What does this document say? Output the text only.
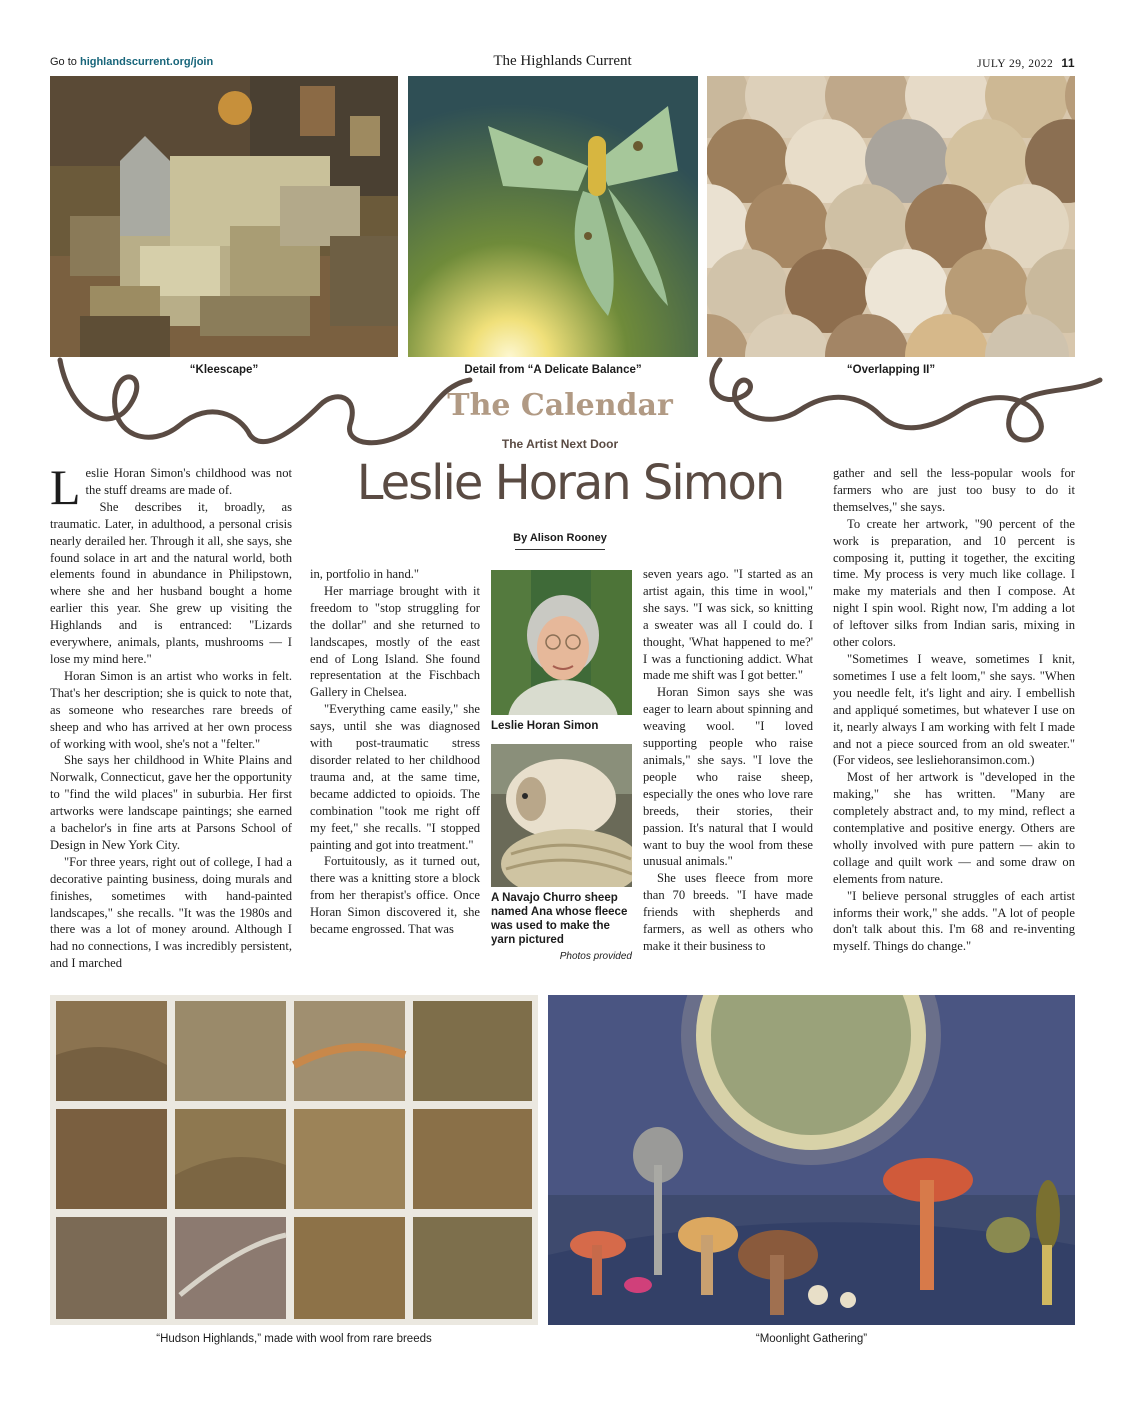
Go to highlandscurrent.org/join	The Highlands Current	JULY 29, 2022 11
“Kleescape”	Detail from “A Delicate Balance”	“Overlapping II”
The Calendar
The Artist Next Door
Leslie Horan Simon
By Alison Rooney

Leslie Horan Simon's childhood was not the stuff dreams are made of.

She describes it, broadly, as traumatic. Later, in adulthood, a personal crisis nearly derailed her. Through it all, she says, she found solace in art and the natural world, both elements found in abundance in Philipstown, where she and her husband bought a home earlier this year. She grew up visiting the Highlands and is entranced: "Lizards everywhere, animals, plants, mushrooms — I lose my mind here."

Horan Simon is an artist who works in felt. That's her description; she is quick to note that, as someone who researches rare breeds of sheep and who has arrived at her own process of working with wool, she's not a "felter."

She says her childhood in White Plains and Norwalk, Connecticut, gave her the opportunity to "find the wild places" in suburbia. Her first artworks were landscape paintings; she earned a bachelor's in fine arts at Parsons School of Design in New York City.

"For three years, right out of college, I had a decorative painting business, doing murals and finishes, sometimes with hand-painted landscapes," she recalls. "It was the 1980s and there was a lot of money around. Although I had no connections, I was incredibly persistent, and I marched

in, portfolio in hand."

Her marriage brought with it freedom to "stop struggling for the dollar" and she returned to landscapes, mostly of the east end of Long Island. She found representation at the Fischbach Gallery in Chelsea.

"Everything came easily," she says, until she was diagnosed with post-traumatic stress disorder related to her childhood trauma and, at the same time, became addicted to opioids. The combination "took me right off my feet," she recalls. "I stopped painting and got into treatment."

Fortuitously, as it turned out, there was a knitting store a block from her therapist's office. Once Horan Simon discovered it, she became engrossed. That was

Leslie Horan Simon
A Navajo Churro sheep named Ana whose fleece was used to make the yarn pictured
Photos provided

seven years ago. "I started as an artist again, this time in wool," she says. "I was sick, so knitting a sweater was all I could do. I thought, 'What happened to me?' I was a functioning addict. What made me shift was I got better."

Horan Simon says she was eager to learn about spinning and weaving wool. "I loved supporting people who raise animals," she says. "I love the people who raise sheep, especially the ones who love rare breeds, their stories, their passion. It's natural that I would want to buy the wool from these unusual animals."

She uses fleece from more than 70 breeds. "I have made friends with shepherds and farmers, as well as others who make it their business to

gather and sell the less-popular wools for farmers who are just too busy to do it themselves," she says.

To create her artwork, "90 percent of the work is preparation, and 10 percent is composing it, putting it together, the exciting time. My process is very much like collage. I make my materials and then I compose. At night I spin wool. Right now, I'm adding a lot of leftover silks from Indian saris, mixing in other colors.

"Sometimes I weave, sometimes I knit, sometimes I use a felt loom," she says. "When you needle felt, it's light and airy. I embellish and appliqué sometimes, but whatever I use on it, nearly always I am working with felt I made and not a piece sourced from an old sweater." (For videos, see lesliehoransimon.com.)

Most of her artwork is "developed in the making," she has written. "Many are completely abstract and, to my mind, reflect a contemplative and positive energy. Others are wholly involved with pure pattern — akin to collage and quilt work — and some draw on elements from nature.

"I believe personal struggles of each artist informs their work," she adds. "A lot of people don't talk about this. I'm 68 and re-inventing myself. Things do change."

“Hudson Highlands,” made with wool from rare breeds	“Moonlight Gathering”
